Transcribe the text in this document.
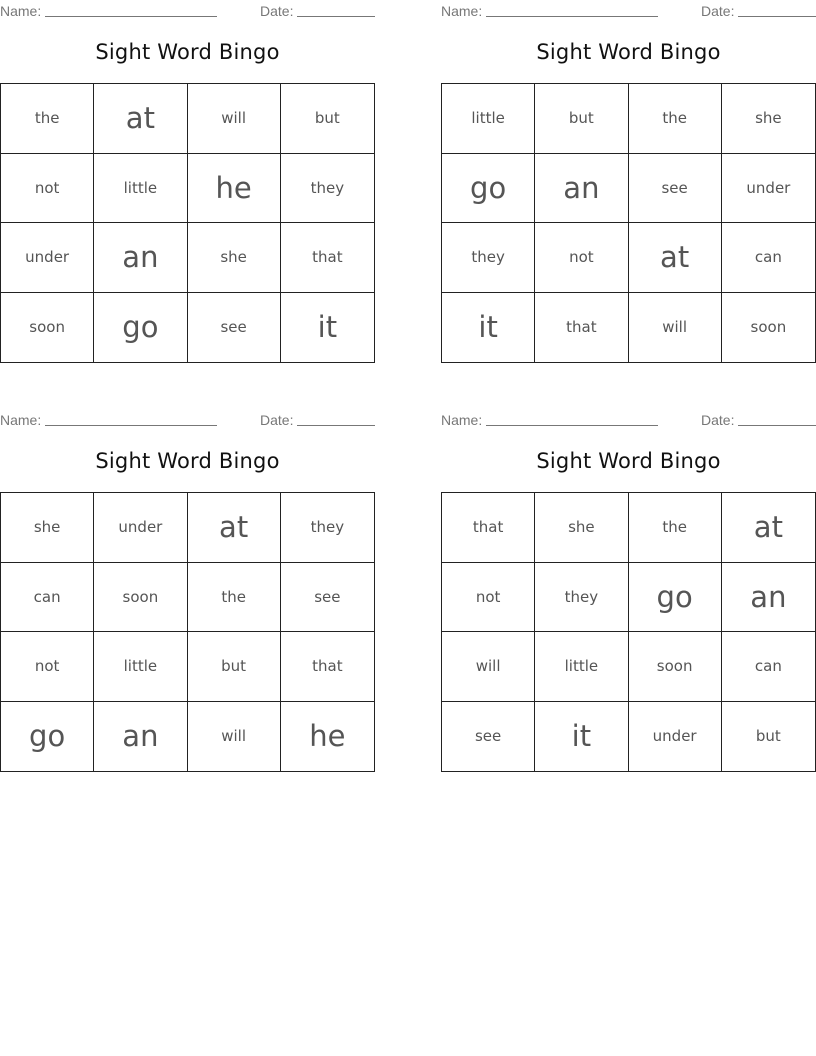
Name:	Date:
Sight Word Bingo
the	at	will	but
not	little	he	they
under	an	she	that
soon	go	see	it
Name:	Date:
Sight Word Bingo
little	but	the	she
go	an	see	under
they	not	at	can
it	that	will	soon
Name:	Date:
Sight Word Bingo
she	under	at	they
can	soon	the	see
not	little	but	that
go	an	will	he
Name:	Date:
Sight Word Bingo
that	she	the	at
not	they	go	an
will	little	soon	can
see	it	under	but
